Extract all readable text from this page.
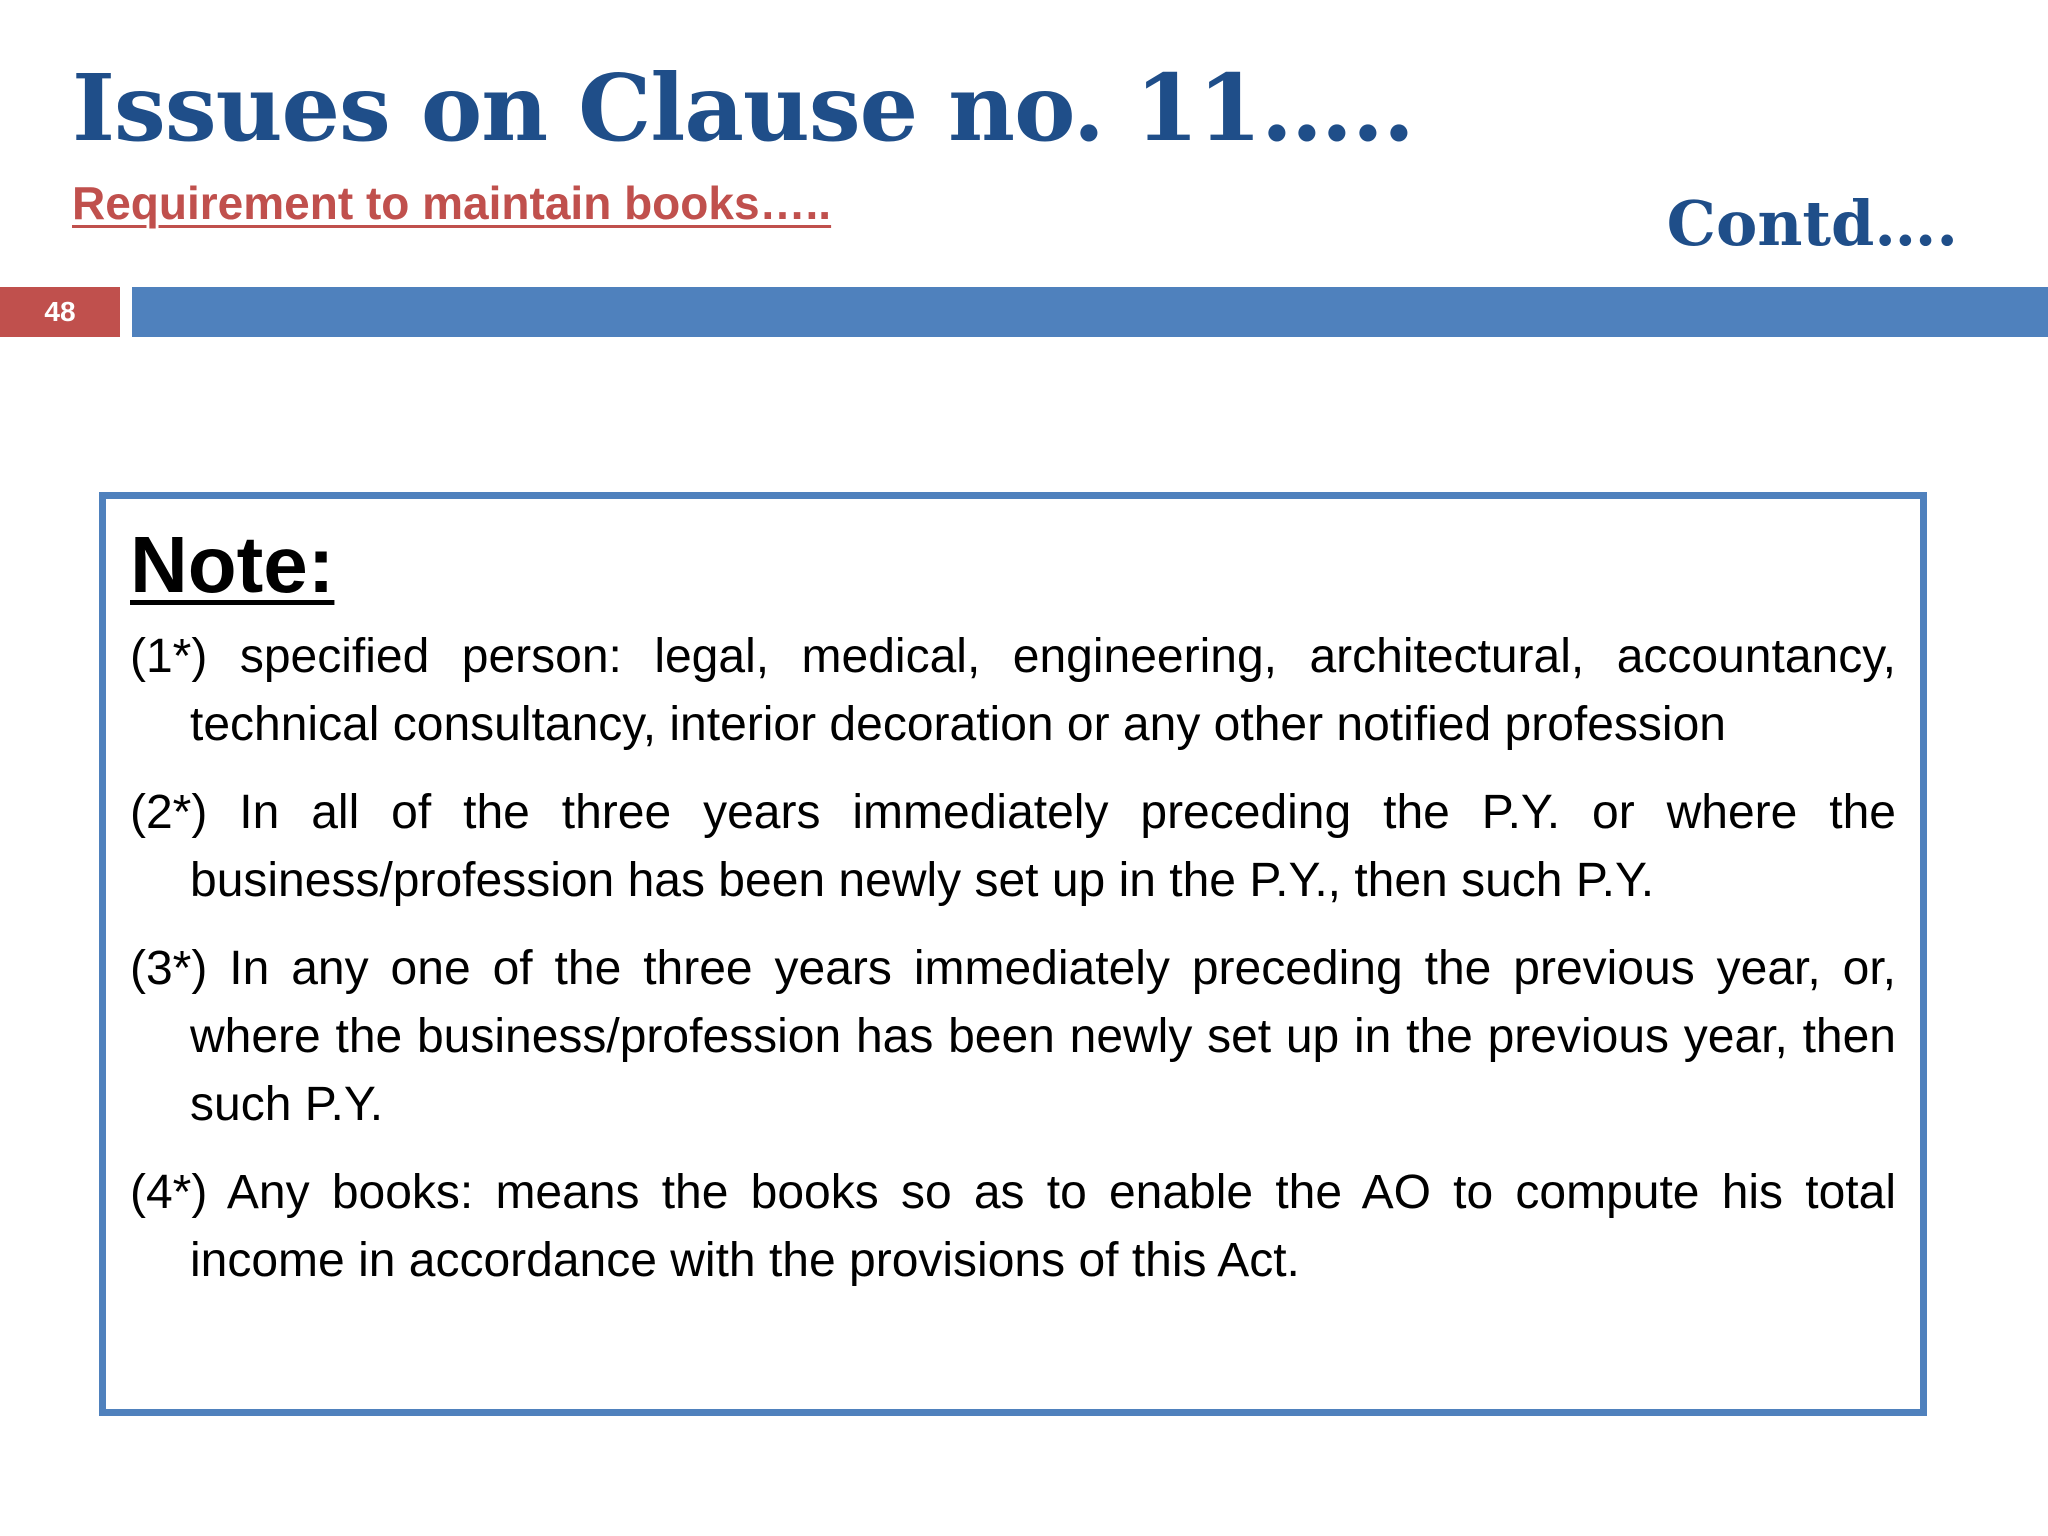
Issues on Clause no. 11…..
Requirement to maintain books…..	Contd….
48
Note:
(1*) specified person: legal, medical, engineering, architectural, accountancy, technical consultancy, interior decoration or any other notified profession
(2*) In all of the three years immediately preceding the P.Y. or where the business/profession has been newly set up in the P.Y., then such P.Y.
(3*) In any one of the three years immediately preceding the previous year, or, where the business/profession has been newly set up in the previous year, then such P.Y.
(4*) Any books: means the books so as to enable the AO to compute his total income in accordance with the provisions of this Act.
